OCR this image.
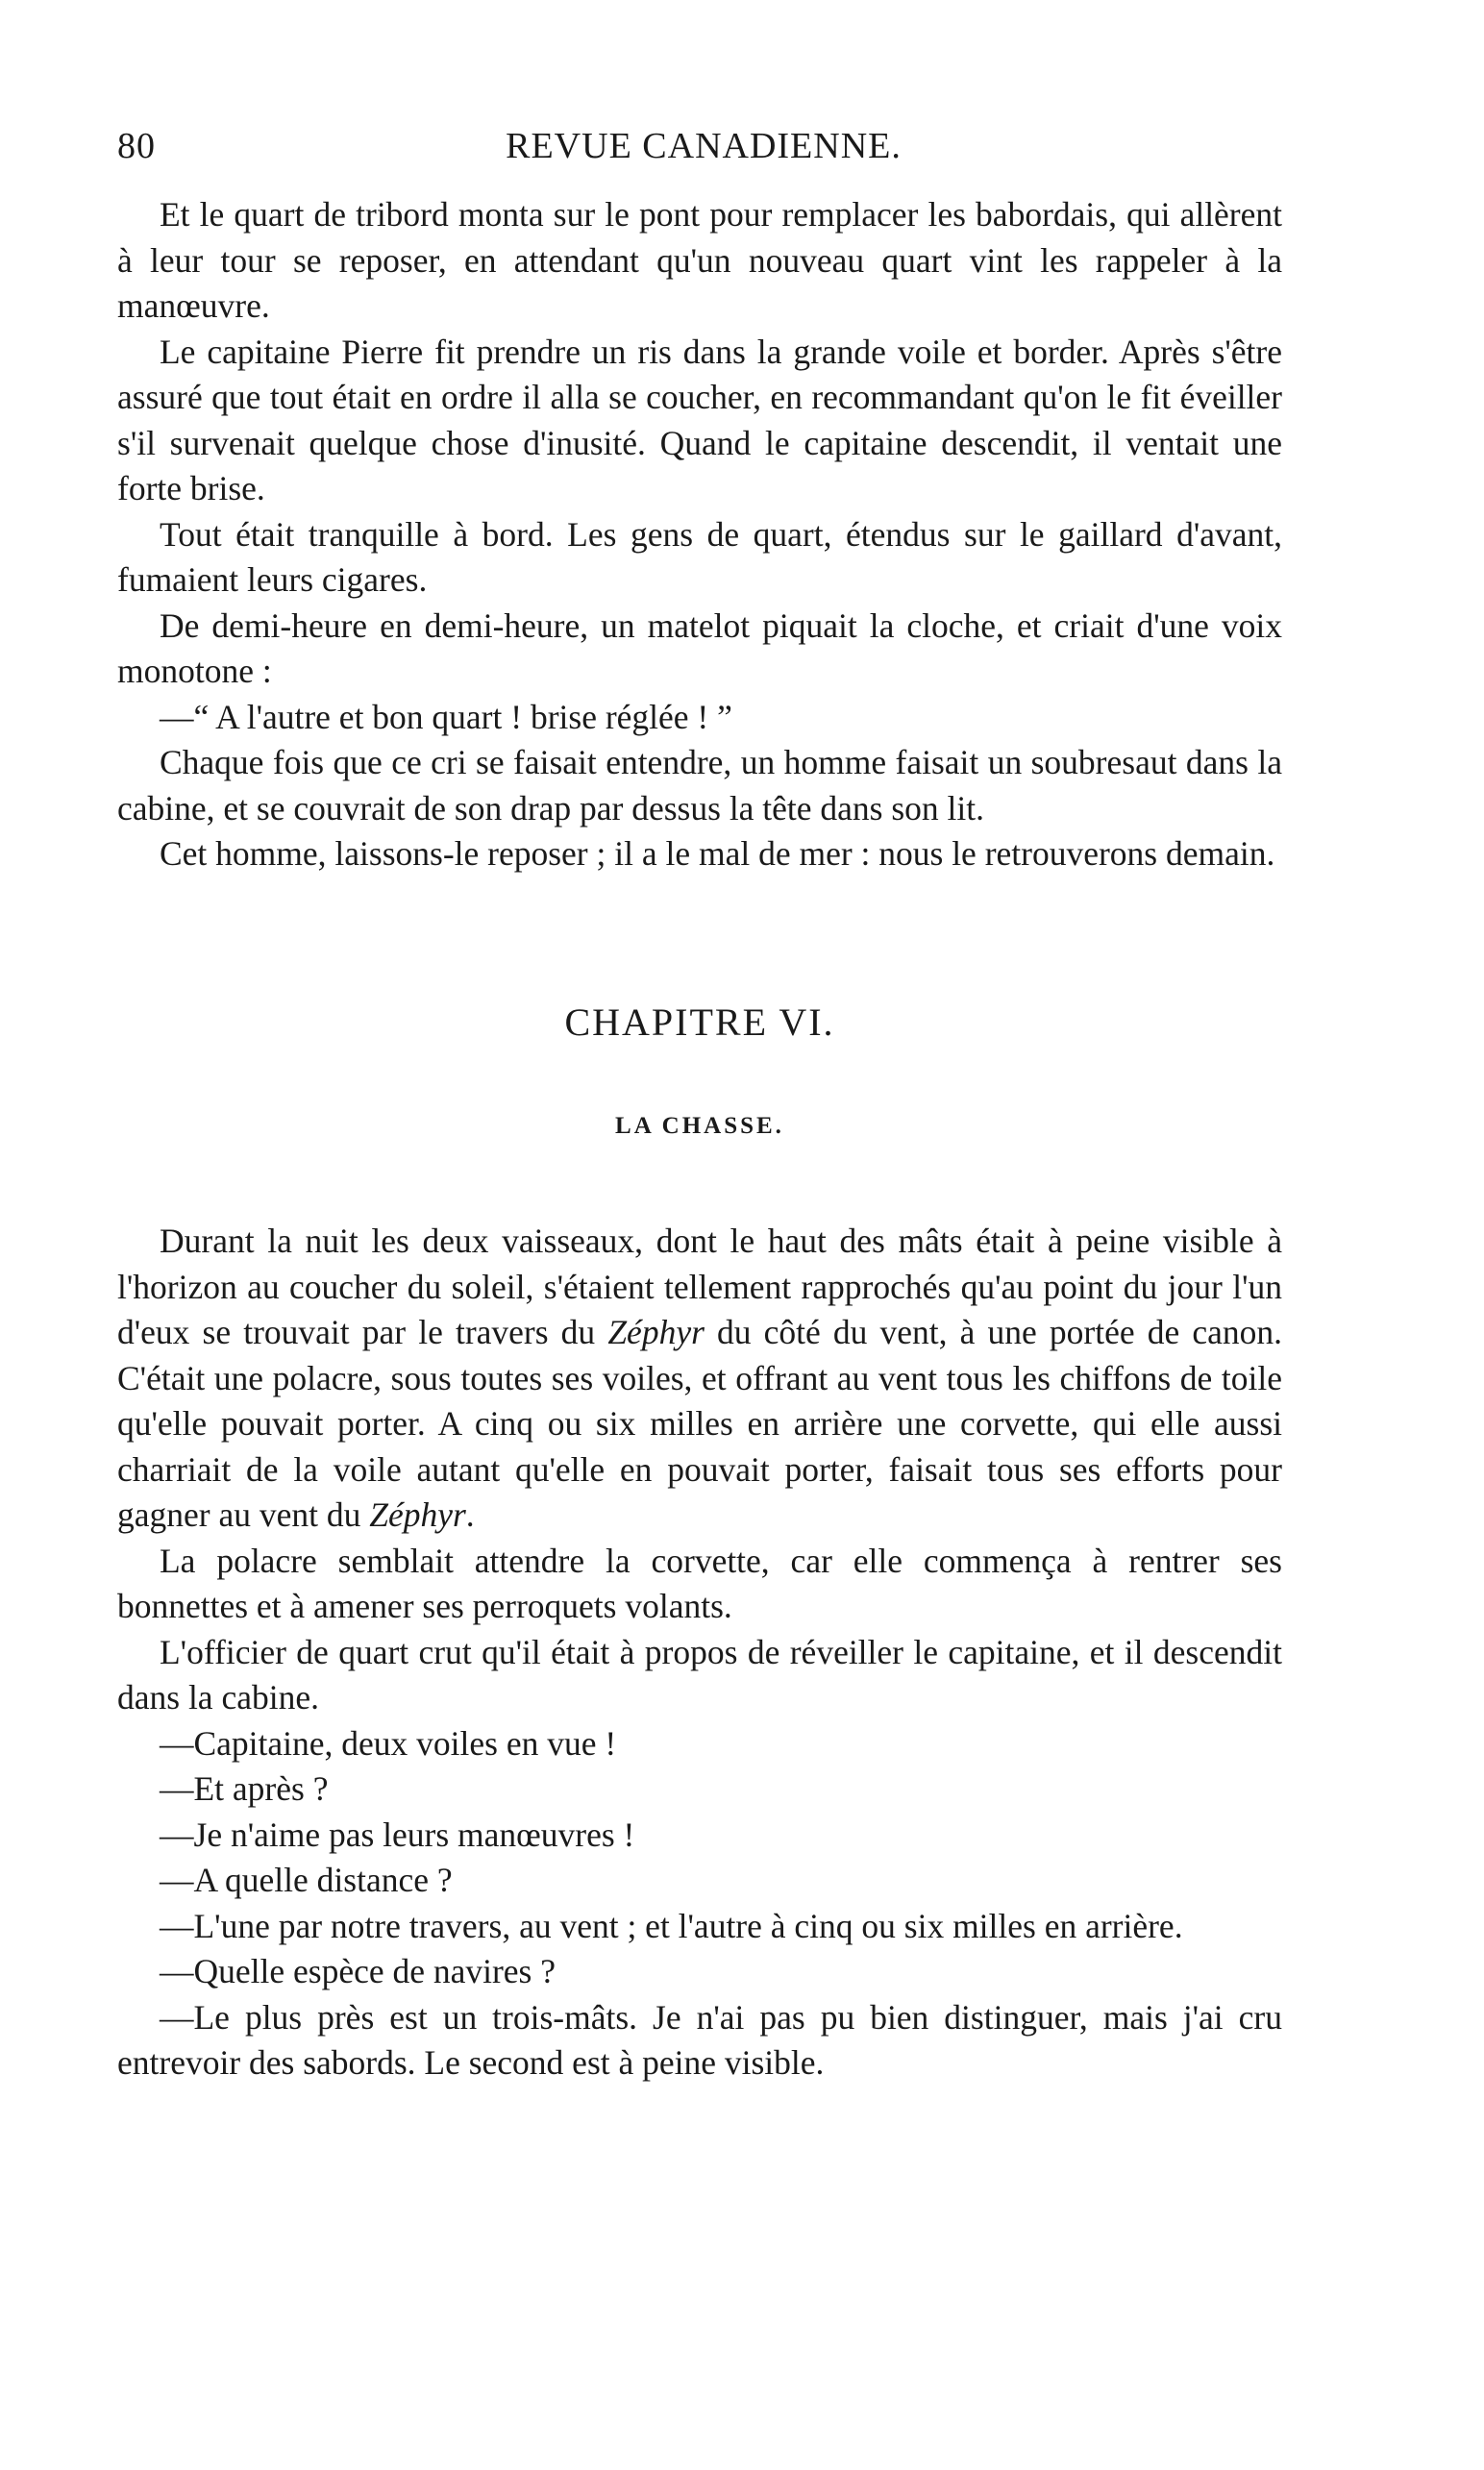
80	REVUE CANADIENNE.

Et le quart de tribord monta sur le pont pour remplacer les babordais, qui allèrent à leur tour se reposer, en attendant qu'un nouveau quart vint les rappeler à la manœuvre.

Le capitaine Pierre fit prendre un ris dans la grande voile et border. Après s'être assuré que tout était en ordre il alla se coucher, en recommandant qu'on le fit éveiller s'il survenait quelque chose d'inusité. Quand le capitaine descendit, il ventait une forte brise.

Tout était tranquille à bord. Les gens de quart, étendus sur le gaillard d'avant, fumaient leurs cigares.

De demi-heure en demi-heure, un matelot piquait la cloche, et criait d'une voix monotone :

—“ A l'autre et bon quart ! brise réglée ! ”

Chaque fois que ce cri se faisait entendre, un homme faisait un soubresaut dans la cabine, et se couvrait de son drap par dessus la tête dans son lit.

Cet homme, laissons-le reposer ; il a le mal de mer : nous le retrouverons demain.

CHAPITRE VI.
LA CHASSE.

Durant la nuit les deux vaisseaux, dont le haut des mâts était à peine visible à l'horizon au coucher du soleil, s'étaient tellement rapprochés qu'au point du jour l'un d'eux se trouvait par le travers du Zéphyr du côté du vent, à une portée de canon. C'était une polacre, sous toutes ses voiles, et offrant au vent tous les chiffons de toile qu'elle pouvait porter. A cinq ou six milles en arrière une corvette, qui elle aussi charriait de la voile autant qu'elle en pouvait porter, faisait tous ses efforts pour gagner au vent du Zéphyr.

La polacre semblait attendre la corvette, car elle commença à rentrer ses bonnettes et à amener ses perroquets volants.

L'officier de quart crut qu'il était à propos de réveiller le capitaine, et il descendit dans la cabine.

—Capitaine, deux voiles en vue !

—Et après ?

—Je n'aime pas leurs manœuvres !

—A quelle distance ?

—L'une par notre travers, au vent ; et l'autre à cinq ou six milles en arrière.

—Quelle espèce de navires ?

—Le plus près est un trois-mâts. Je n'ai pas pu bien distinguer, mais j'ai cru entrevoir des sabords. Le second est à peine visible.
